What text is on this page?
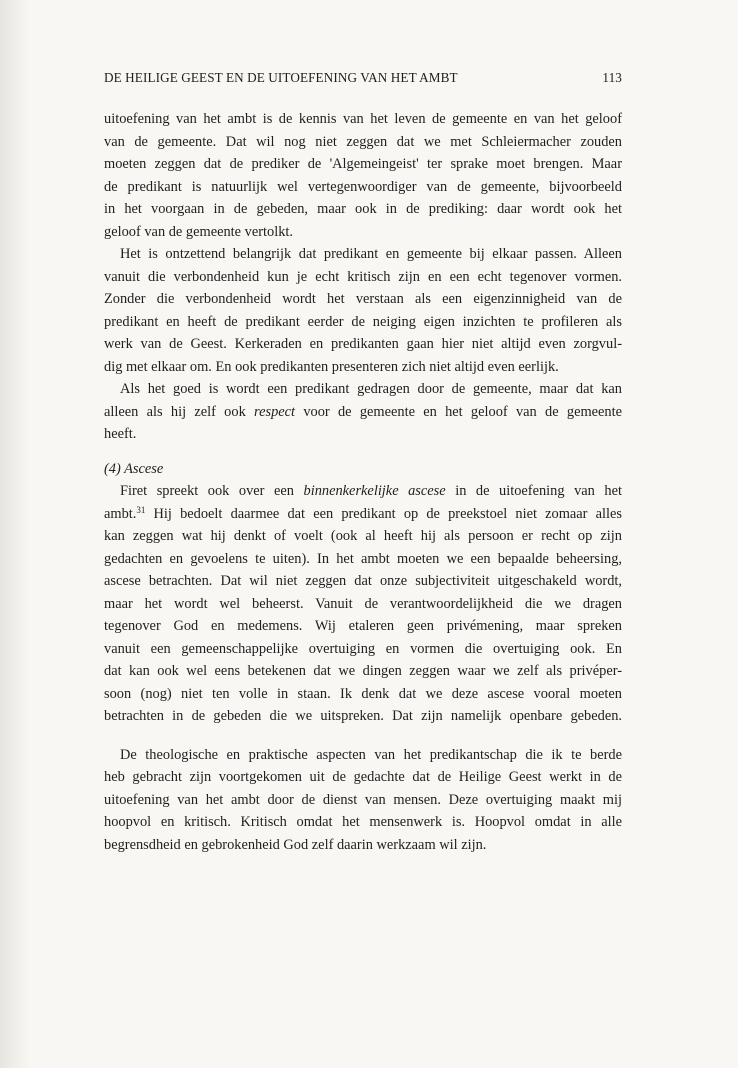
DE HEILIGE GEEST EN DE UITOEFENING VAN HET AMBT	113
uitoefening van het ambt is de kennis van het leven de gemeente en van het geloof
van de gemeente. Dat wil nog niet zeggen dat we met Schleiermacher zouden
moeten zeggen dat de prediker de 'Algemeingeist' ter sprake moet brengen. Maar
de predikant is natuurlijk wel vertegenwoordiger van de gemeente, bijvoorbeeld
in het voorgaan in de gebeden, maar ook in de prediking: daar wordt ook het
geloof van de gemeente vertolkt.
Het is ontzettend belangrijk dat predikant en gemeente bij elkaar passen. Alleen
vanuit die verbondenheid kun je echt kritisch zijn en een echt tegenover vormen.
Zonder die verbondenheid wordt het verstaan als een eigenzinnigheid van de
predikant en heeft de predikant eerder de neiging eigen inzichten te profileren als
werk van de Geest. Kerkeraden en predikanten gaan hier niet altijd even zorgvul-
dig met elkaar om. En ook predikanten presenteren zich niet altijd even eerlijk.
Als het goed is wordt een predikant gedragen door de gemeente, maar dat kan
alleen als hij zelf ook respect voor de gemeente en het geloof van de gemeente
heeft.
(4) Ascese
Firet spreekt ook over een binnenkerkelijke ascese in de uitoefening van het
ambt.$^{31}$ Hij bedoelt daarmee dat een predikant op de preekstoel niet zomaar alles
kan zeggen wat hij denkt of voelt (ook al heeft hij als persoon er recht op zijn
gedachten en gevoelens te uiten). In het ambt moeten we een bepaalde beheersing,
ascese betrachten. Dat wil niet zeggen dat onze subjectiviteit uitgeschakeld wordt,
maar het wordt wel beheerst. Vanuit de verantwoordelijkheid die we dragen
tegenover God en medemens. Wij etaleren geen privémening, maar spreken
vanuit een gemeenschappelijke overtuiging en vormen die overtuiging ook. En
dat kan ook wel eens betekenen dat we dingen zeggen waar we zelf als privéper-
soon (nog) niet ten volle in staan. Ik denk dat we deze ascese vooral moeten
betrachten in de gebeden die we uitspreken. Dat zijn namelijk openbare gebeden.
De theologische en praktische aspecten van het predikantschap die ik te berde
heb gebracht zijn voortgekomen uit de gedachte dat de Heilige Geest werkt in de
uitoefening van het ambt door de dienst van mensen. Deze overtuiging maakt mij
hoopvol en kritisch. Kritisch omdat het mensenwerk is. Hoopvol omdat in alle
begrensdheid en gebrokenheid God zelf daarin werkzaam wil zijn.
